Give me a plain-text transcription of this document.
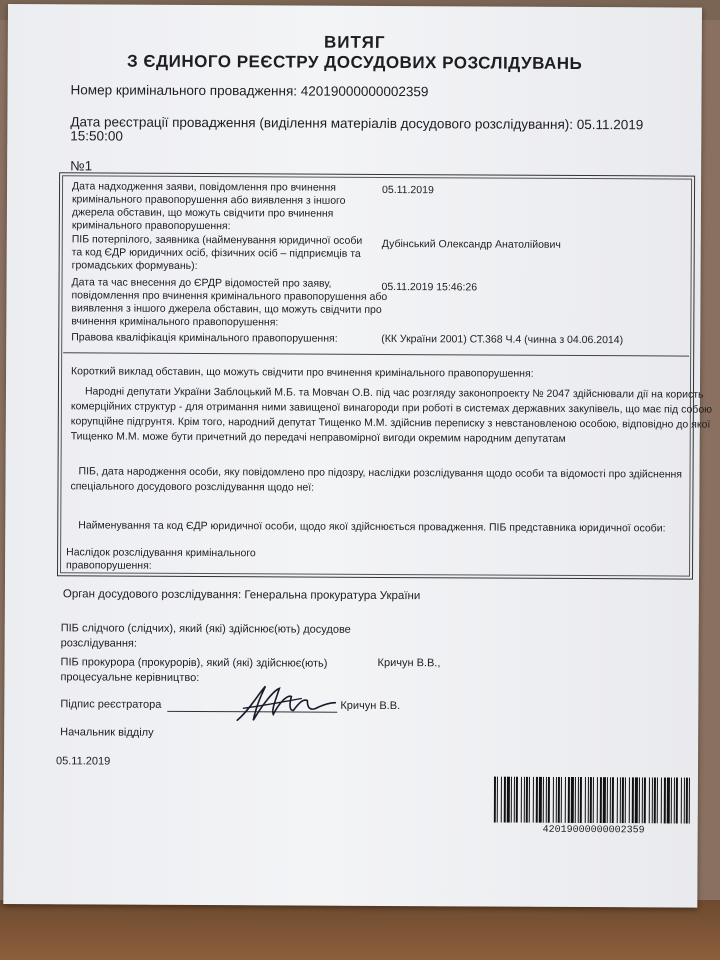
ВИТЯГ
З ЄДИНОГО РЕЄСТРУ ДОСУДОВИХ РОЗСЛІДУВАНЬ
Номер кримінального провадження: 42019000000002359
Дата реєстрації провадження (виділення матеріалів досудового розслідування): 05.11.2019
15:50:00
№1
Дата надходження заяви, повідомлення про вчинення
кримінального правопорушення або виявлення з іншого
джерела обставин, що можуть свідчити про вчинення
кримінального правопорушення:
05.11.2019
ПІБ потерпілого, заявника (найменування юридичної особи
та код ЄДР юридичних осіб, фізичних осіб – підприємців та
громадських формувань):
Дубінський Олександр Анатолійович
Дата та час внесення до ЄРДР відомостей про заяву,
повідомлення про вчинення кримінального правопорушення або
виявлення з іншого джерела обставин, що можуть свідчити про
вчинення кримінального правопорушення:
05.11.2019 15:46:26
Правова кваліфікація кримінального правопорушення:	(КК України 2001) СТ.368 Ч.4 (чинна з 04.06.2014)
Короткий виклад обставин, що можуть свідчити про вчинення кримінального правопорушення:
Народні депутати України Заблоцький М.Б. та Мовчан О.В. під час розгляду законопроекту № 2047 здійснювали дії на користь
комерційних структур - для отримання ними завищеної винагороди при роботі в системах державних закупівель, що має під собою
корупційне підгрунтя. Крім того, народний депутат Тищенко М.М. здійснив переписку з невстановленою особою, відповідно до якої
Тищенко М.М. може бути причетний до передачі неправомірної вигоди окремим народним депутатам
ПІБ, дата народження особи, яку повідомлено про підозру, наслідки розслідування щодо особи та відомості про здійснення
спеціального досудового розслідування щодо неї:
Найменування та код ЄДР юридичної особи, щодо якої здійснюється провадження. ПІБ представника юридичної особи:
Наслідок розслідування кримінального
правопорушення:
Орган досудового розслідування: Генеральна прокуратура України
ПІБ слідчого (слідчих), який (які) здійснює(ють) досудове
розслідування:
ПІБ прокурора (прокурорів), який (які) здійснює(ють)
процесуальне керівництво:
Кричун В.В.,
Підпис реєстратора	Кричун В.В.
Начальник відділу
05.11.2019
42019000000002359
